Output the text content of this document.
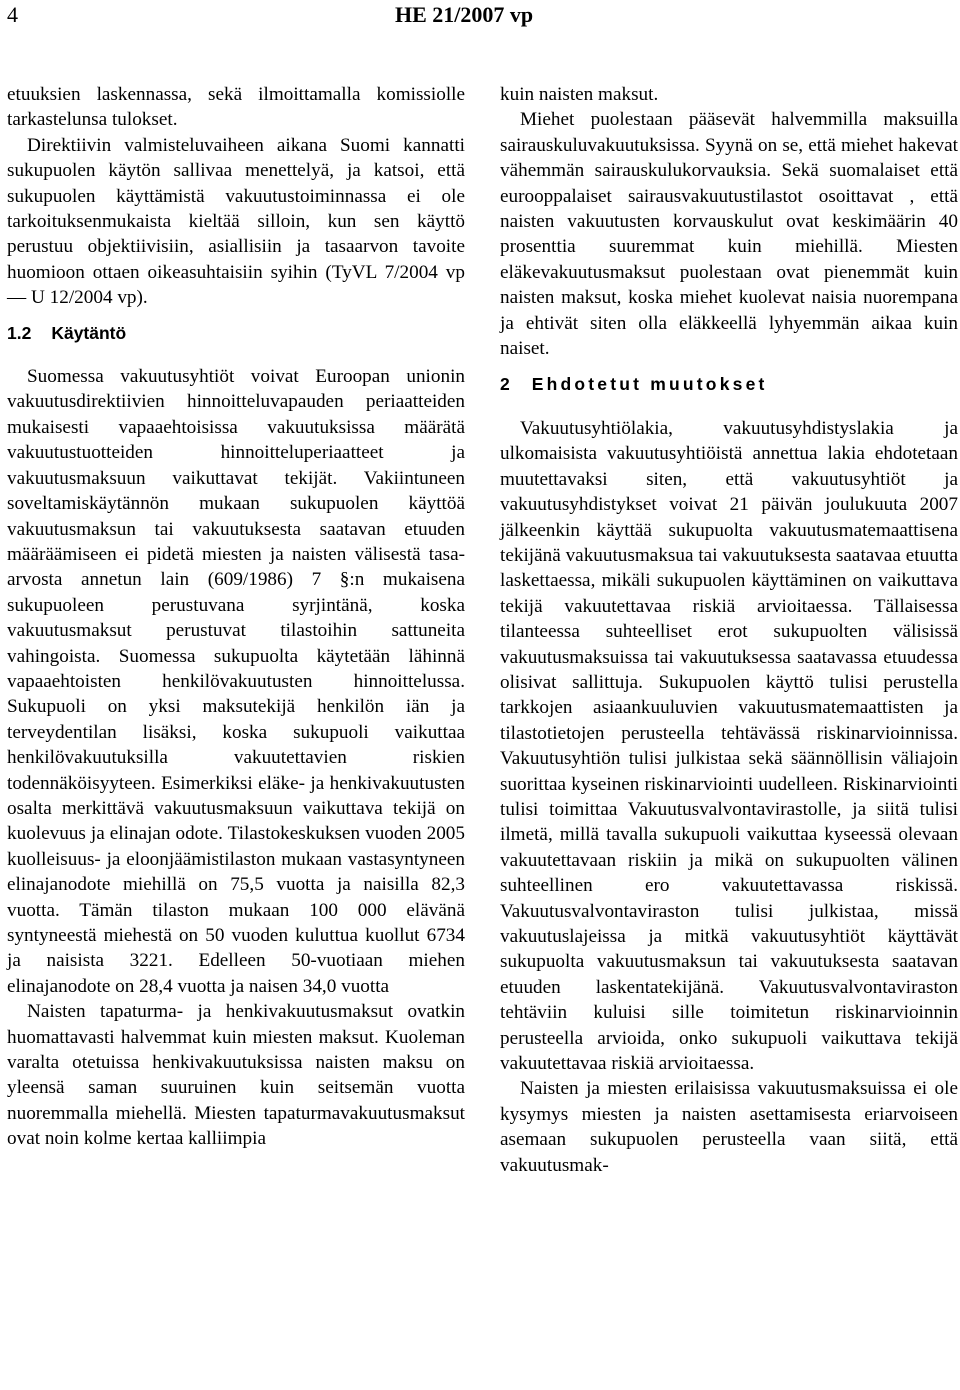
4	HE 21/2007 vp

etuuksien laskennassa, sekä ilmoittamalla komissiolle tarkastelunsa tulokset.

Direktiivin valmisteluvaiheen aikana Suomi kannatti sukupuolen käytön sallivaa menettelyä, ja katsoi, että sukupuolen käyttämistä vakuutustoiminnassa ei ole tarkoituksenmukaista kieltää silloin, kun sen käyttö perustuu objektiivisiin, asiallisiin ja tasaarvon tavoite huomioon ottaen oikeasuhtaisiin syihin (TyVL 7/2004 vp — U 12/2004 vp).

1.2 Käytäntö

Suomessa vakuutusyhtiöt voivat Euroopan unionin vakuutusdirektiivien hinnoitteluvapauden periaatteiden mukaisesti vapaaehtoisissa vakuutuksissa määrätä vakuutustuotteiden hinnoitteluperiaatteet ja vakuutusmaksuun vaikuttavat tekijät. Vakiintuneen soveltamiskäytännön mukaan sukupuolen käyttöä vakuutusmaksun tai vakuutuksesta saatavan etuuden määräämiseen ei pidetä miesten ja naisten välisestä tasa-arvosta annetun lain (609/1986) 7 §:n mukaisena sukupuoleen perustuvana syrjintänä, koska vakuutusmaksut perustuvat tilastoihin sattuneita vahingoista. Suomessa sukupuolta käytetään lähinnä vapaaehtoisten henkilövakuutusten hinnoittelussa. Sukupuoli on yksi maksutekijä henkilön iän ja terveydentilan lisäksi, koska sukupuoli vaikuttaa henkilövakuutuksilla vakuutettavien riskien todennäköisyyteen. Esimerkiksi eläke- ja henkivakuutusten osalta merkittävä vakuutusmaksuun vaikuttava tekijä on kuolevuus ja elinajan odote. Tilastokeskuksen vuoden 2005 kuolleisuus- ja eloonjäämistilaston mukaan vastasyntyneen elinajanodote miehillä on 75,5 vuotta ja naisilla 82,3 vuotta. Tämän tilaston mukaan 100 000 elävänä syntyneestä miehestä on 50 vuoden kuluttua kuollut 6734 ja naisista 3221. Edelleen 50-vuotiaan miehen elinajanodote on 28,4 vuotta ja naisen 34,0 vuotta

Naisten tapaturma- ja henkivakuutusmaksut ovatkin huomattavasti halvemmat kuin miesten maksut. Kuoleman varalta otetuissa henkivakuutuksissa naisten maksu on yleensä saman suuruinen kuin seitsemän vuotta nuoremmalla miehellä. Miesten tapaturmavakuutusmaksut ovat noin kolme kertaa kalliimpia

kuin naisten maksut.

Miehet puolestaan pääsevät halvemmilla maksuilla sairauskuluvakuutuksissa. Syynä on se, että miehet hakevat vähemmän sairauskulukorvauksia. Sekä suomalaiset että eurooppalaiset sairausvakuutustilastot osoittavat , että naisten vakuutusten korvauskulut ovat keskimäärin 40 prosenttia suuremmat kuin miehillä. Miesten eläkevakuutusmaksut puolestaan ovat pienemmät kuin naisten maksut, koska miehet kuolevat naisia nuorempana ja ehtivät siten olla eläkkeellä lyhyemmän aikaa kuin naiset.

2 Ehdotetut muutokset

Vakuutusyhtiölakia, vakuutusyhdistyslakia ja ulkomaisista vakuutusyhtiöistä annettua lakia ehdotetaan muutettavaksi siten, että vakuutusyhtiöt ja vakuutusyhdistykset voivat 21 päivän joulukuuta 2007 jälkeenkin käyttää sukupuolta vakuutusmatemaattisena tekijänä vakuutusmaksua tai vakuutuksesta saatavaa etuutta laskettaessa, mikäli sukupuolen käyttäminen on vaikuttava tekijä vakuutettavaa riskiä arvioitaessa. Tällaisessa tilanteessa suhteelliset erot sukupuolten välisissä vakuutusmaksuissa tai vakuutuksessa saatavassa etuudessa olisivat sallittuja. Sukupuolen käyttö tulisi perustella tarkkojen asiaankuuluvien vakuutusmatemaattisten ja tilastotietojen perusteella tehtävässä riskinarvioinnissa. Vakuutusyhtiön tulisi julkistaa sekä säännöllisin väliajoin suorittaa kyseinen riskinarviointi uudelleen. Riskinarviointi tulisi toimittaa Vakuutusvalvontavirastolle, ja siitä tulisi ilmetä, millä tavalla sukupuoli vaikuttaa kyseessä olevaan vakuutettavaan riskiin ja mikä on sukupuolten välinen suhteellinen ero vakuutettavassa riskissä. Vakuutusvalvontaviraston tulisi julkistaa, missä vakuutuslajeissa ja mitkä vakuutusyhtiöt käyttävät sukupuolta vakuutusmaksun tai vakuutuksesta saatavan etuuden laskentatekijänä. Vakuutusvalvontaviraston tehtäviin kuluisi sille toimitetun riskinarvioinnin perusteella arvioida, onko sukupuoli vaikuttava tekijä vakuutettavaa riskiä arvioitaessa.

Naisten ja miesten erilaisissa vakuutusmaksuissa ei ole kysymys miesten ja naisten asettamisesta eriarvoiseen asemaan sukupuolen perusteella vaan siitä, että vakuutusmak-
